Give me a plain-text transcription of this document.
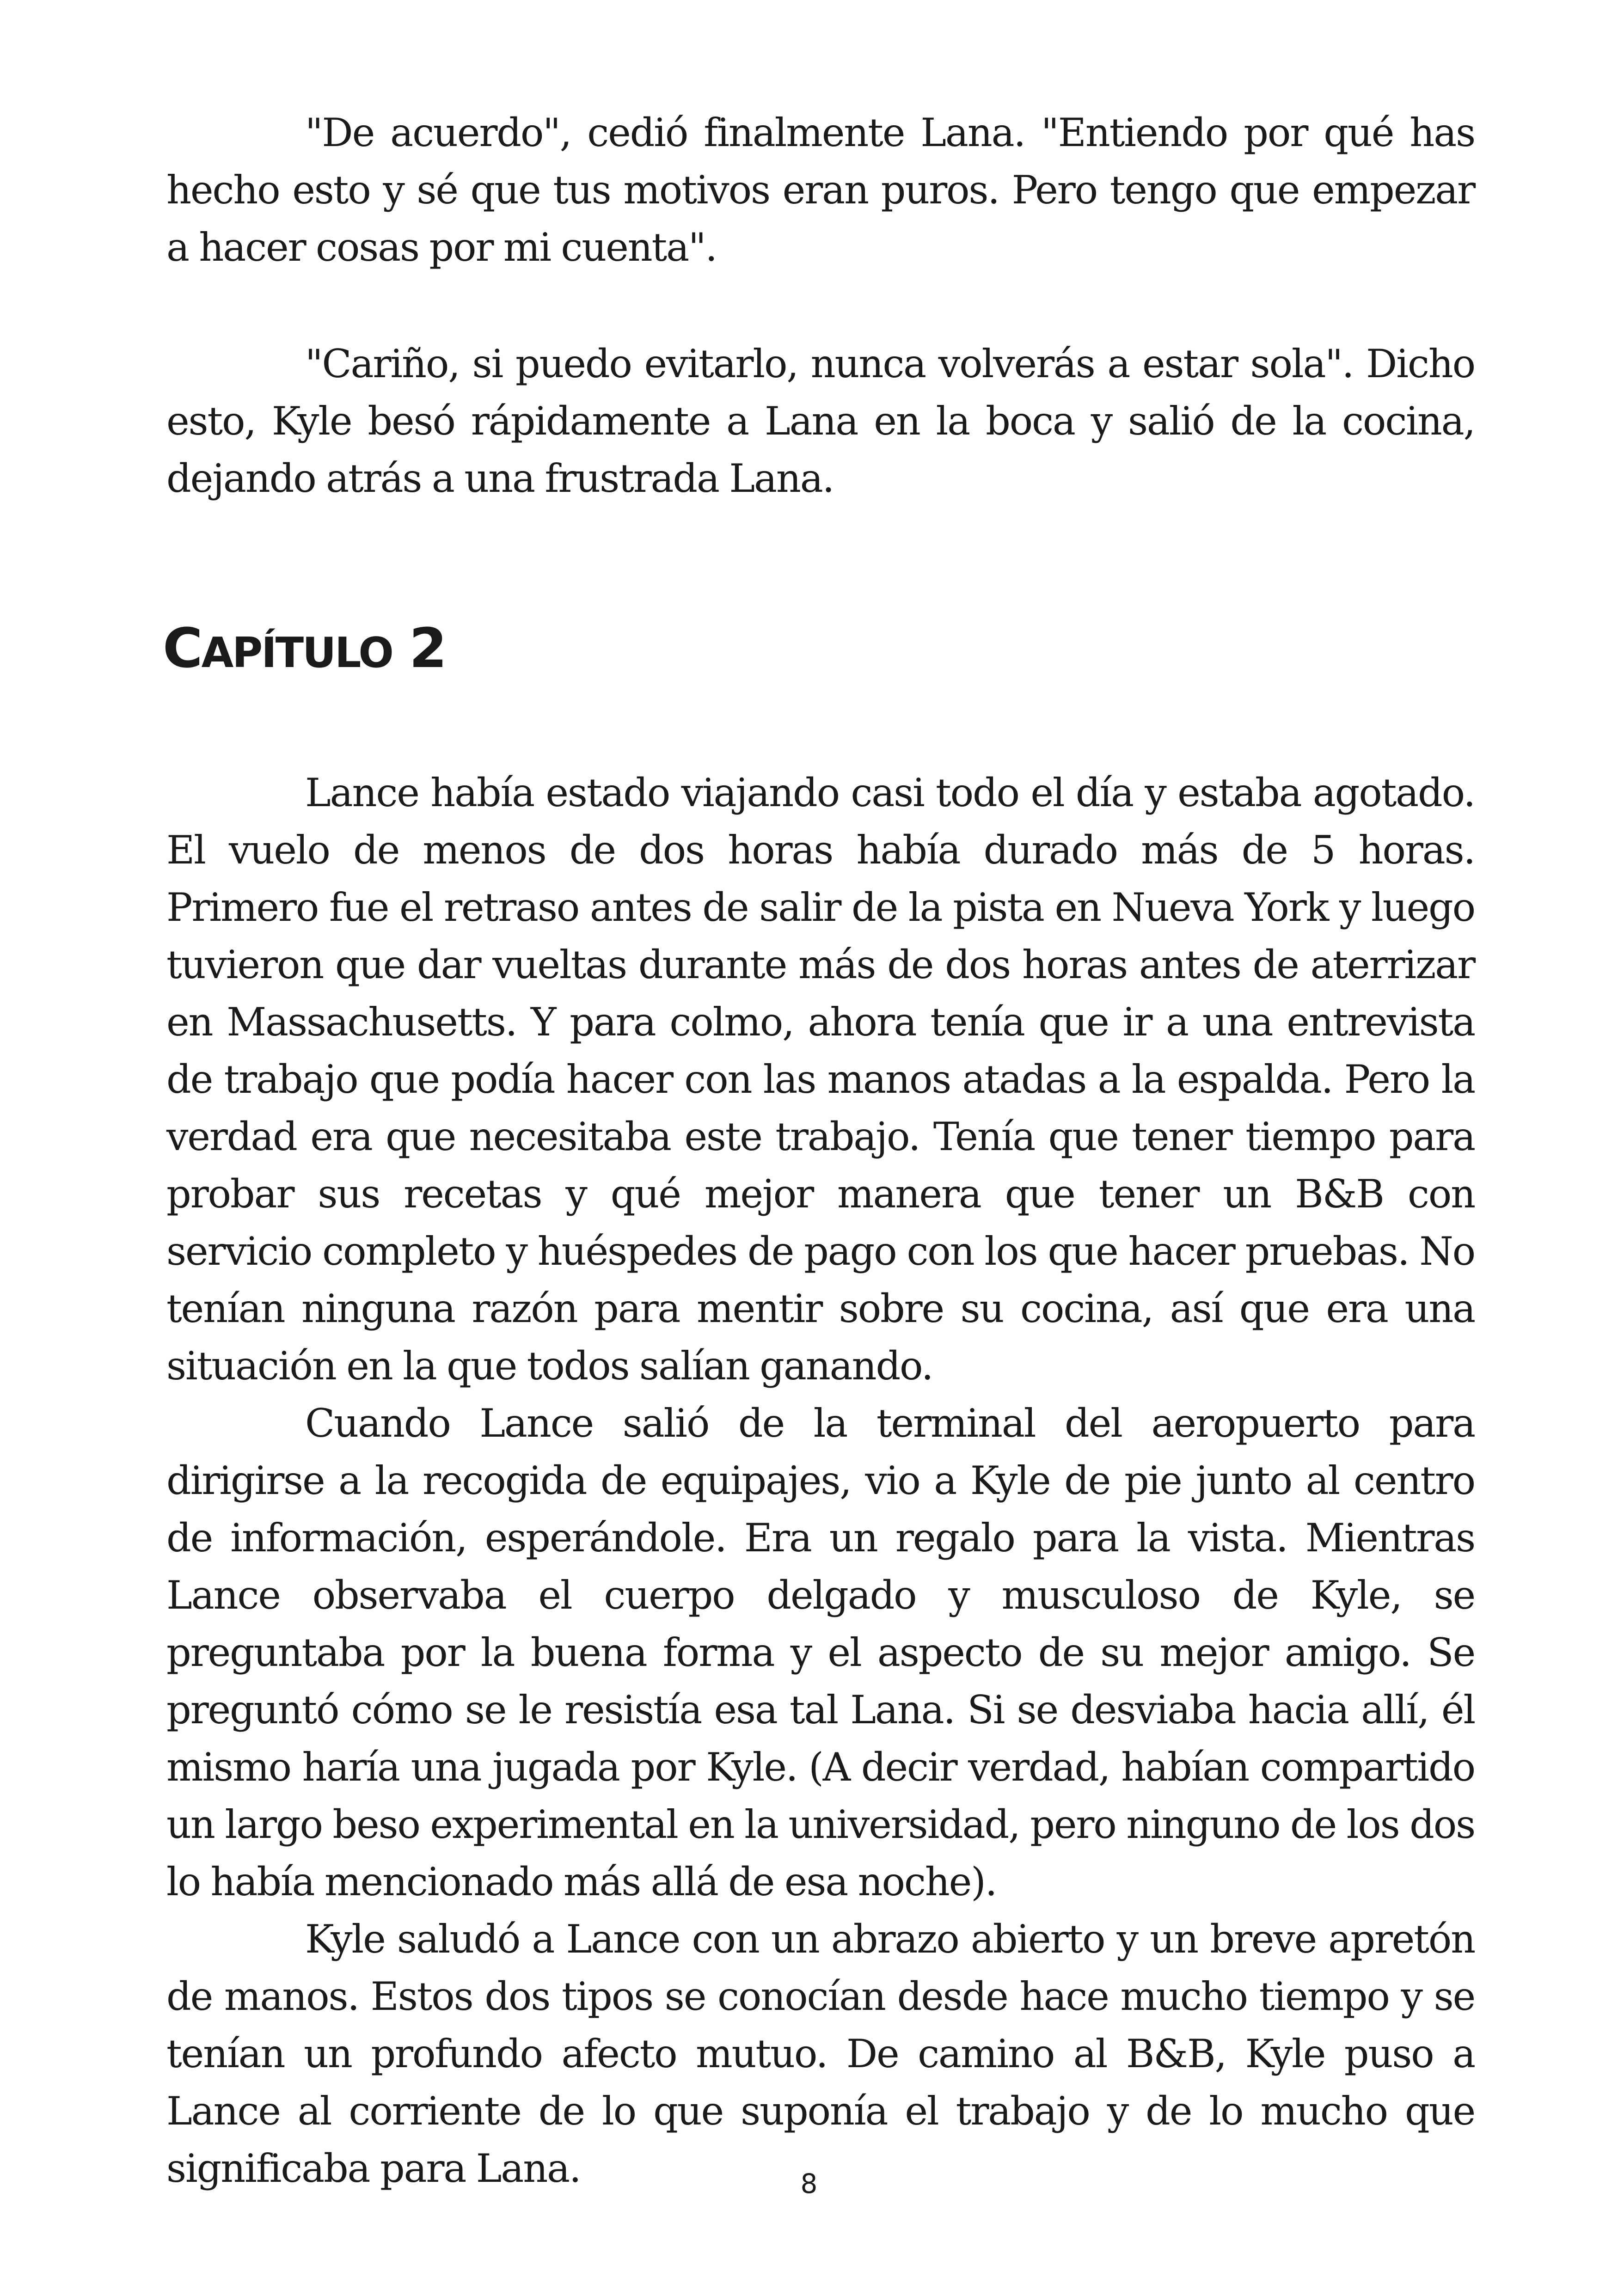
"De acuerdo", cedió finalmente Lana. "Entiendo por qué has hecho esto y sé que tus motivos eran puros. Pero tengo que empezar a hacer cosas por mi cuenta".

"Cariño, si puedo evitarlo, nunca volverás a estar sola". Dicho esto, Kyle besó rápidamente a Lana en la boca y salió de la cocina, dejando atrás a una frustrada Lana.

CAPÍTULO 2

Lance había estado viajando casi todo el día y estaba agotado. El vuelo de menos de dos horas había durado más de 5 horas. Primero fue el retraso antes de salir de la pista en Nueva York y luego tuvieron que dar vueltas durante más de dos horas antes de aterrizar en Massachusetts. Y para colmo, ahora tenía que ir a una entrevista de trabajo que podía hacer con las manos atadas a la espalda. Pero la verdad era que necesitaba este trabajo. Tenía que tener tiempo para probar sus recetas y qué mejor manera que tener un B&B con servicio completo y huéspedes de pago con los que hacer pruebas. No tenían ninguna razón para mentir sobre su cocina, así que era una situación en la que todos salían ganando.

Cuando Lance salió de la terminal del aeropuerto para dirigirse a la recogida de equipajes, vio a Kyle de pie junto al centro de información, esperándole. Era un regalo para la vista. Mientras Lance observaba el cuerpo delgado y musculoso de Kyle, se preguntaba por la buena forma y el aspecto de su mejor amigo. Se preguntó cómo se le resistía esa tal Lana. Si se desviaba hacia allí, él mismo haría una jugada por Kyle. (A decir verdad, habían compartido un largo beso experimental en la universidad, pero ninguno de los dos lo había mencionado más allá de esa noche).

Kyle saludó a Lance con un abrazo abierto y un breve apretón de manos. Estos dos tipos se conocían desde hace mucho tiempo y se tenían un profundo afecto mutuo. De camino al B&B, Kyle puso a Lance al corriente de lo que suponía el trabajo y de lo mucho que significaba para Lana.	8
